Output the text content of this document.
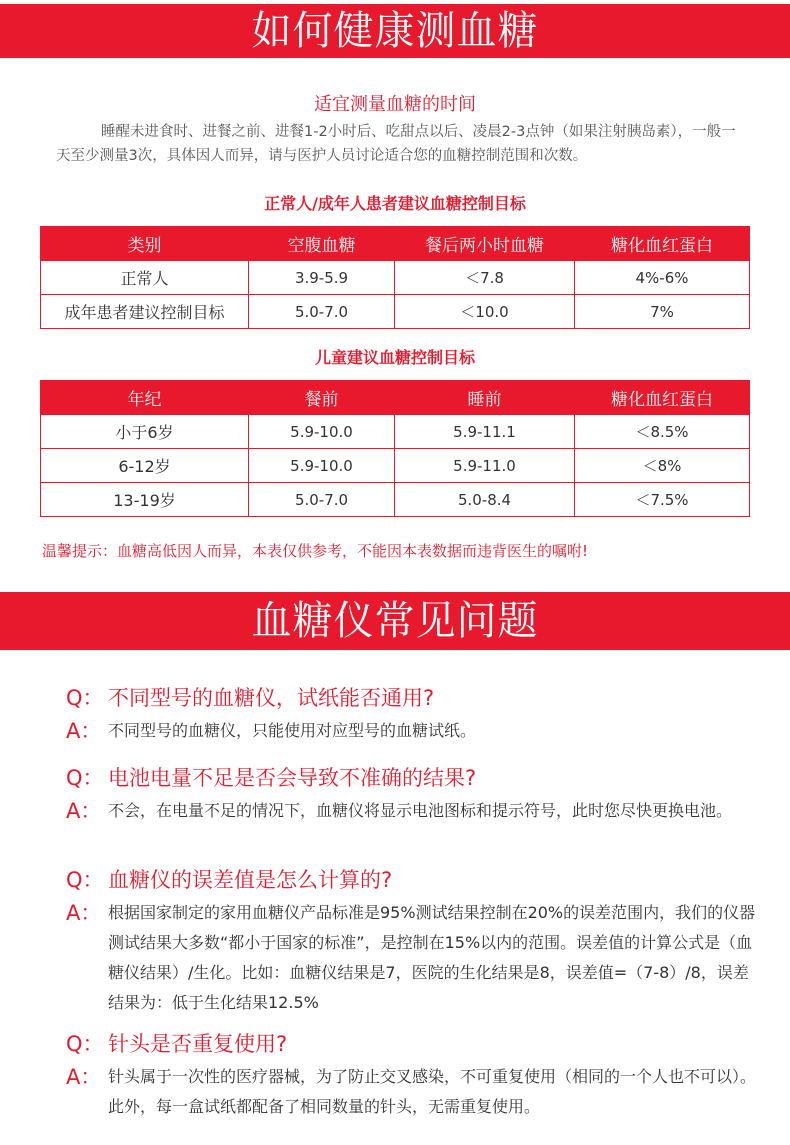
如何健康测血糖
适宜测量血糖的时间

睡醒未进食时、进餐之前、进餐1-2小时后、吃甜点以后、凌晨2-3点钟（如果注射胰岛素），一般一天至少测量3次，具体因人而异，请与医护人员讨论适合您的血糖控制范围和次数。

正常人/成年人患者建议血糖控制目标
类别	空腹血糖	餐后两小时血糖	糖化血红蛋白
正常人	3.9-5.9	＜7.8	4%-6%
成年患者建议控制目标	5.0-7.0	＜10.0	7%
儿童建议血糖控制目标
年纪	餐前	睡前	糖化血红蛋白
小于6岁	5.9-10.0	5.9-11.1	＜8.5%
6-12岁	5.9-10.0	5.9-11.0	＜8%
13-19岁	5.0-7.0	5.0-8.4	＜7.5%
温馨提示：血糖高低因人而异，本表仅供参考，不能因本表数据而违背医生的嘱咐!
血糖仪常见问题
Q： 不同型号的血糖仪，试纸能否通用?
A： 不同型号的血糖仪，只能使用对应型号的血糖试纸。
Q： 电池电量不足是否会导致不准确的结果?
A： 不会，在电量不足的情况下，血糖仪将显示电池图标和提示符号，此时您尽快更换电池。
Q： 血糖仪的误差值是怎么计算的?
A： 根据国家制定的家用血糖仪产品标准是95%测试结果控制在20%的误差范围内，我们的仪器测试结果大多数“都小于国家的标准”，是控制在15%以内的范围。误差值的计算公式是（血糖仪结果）/生化。比如：血糖仪结果是7，医院的生化结果是8，误差值=（7-8）/8，误差结果为：低于生化结果12.5%
Q： 针头是否重复使用?
A： 针头属于一次性的医疗器械，为了防止交叉感染，不可重复使用（相同的一个人也不可以）。此外，每一盒试纸都配备了相同数量的针头，无需重复使用。
